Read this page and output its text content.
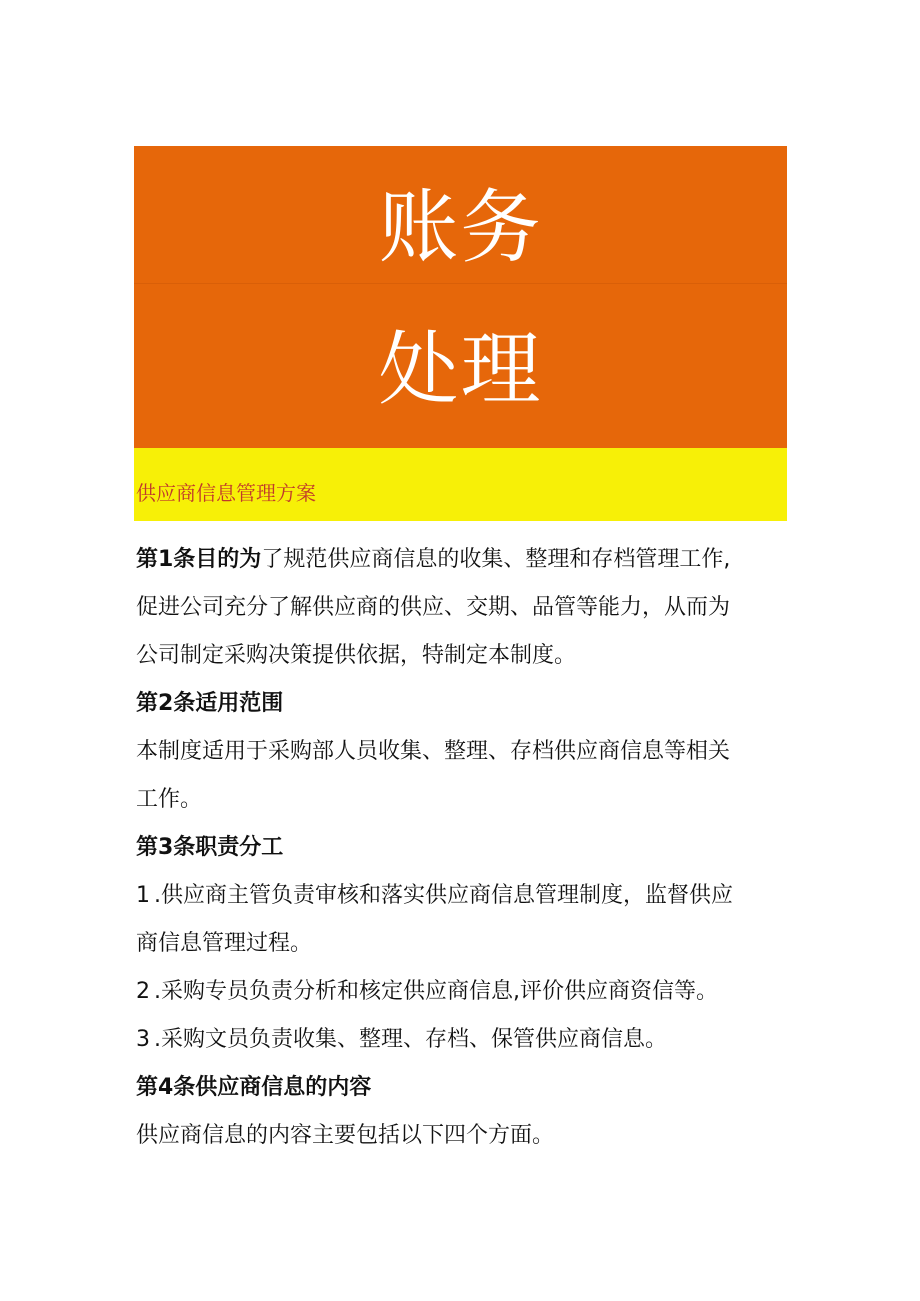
账务
处理
供应商信息管理方案

第1条目的为了规范供应商信息的收集、整理和存档管理工作,

促进公司充分了解供应商的供应、交期、品管等能力，从而为

公司制定采购决策提供依据，特制定本制度。

第2条适用范围

本制度适用于采购部人员收集、整理、存档供应商信息等相关

工作。

第3条职责分工

1 .供应商主管负责审核和落实供应商信息管理制度，监督供应

商信息管理过程。

2 .采购专员负责分析和核定供应商信息,评价供应商资信等。

3 .采购文员负责收集、整理、存档、保管供应商信息。

第4条供应商信息的内容

供应商信息的内容主要包括以下四个方面。
